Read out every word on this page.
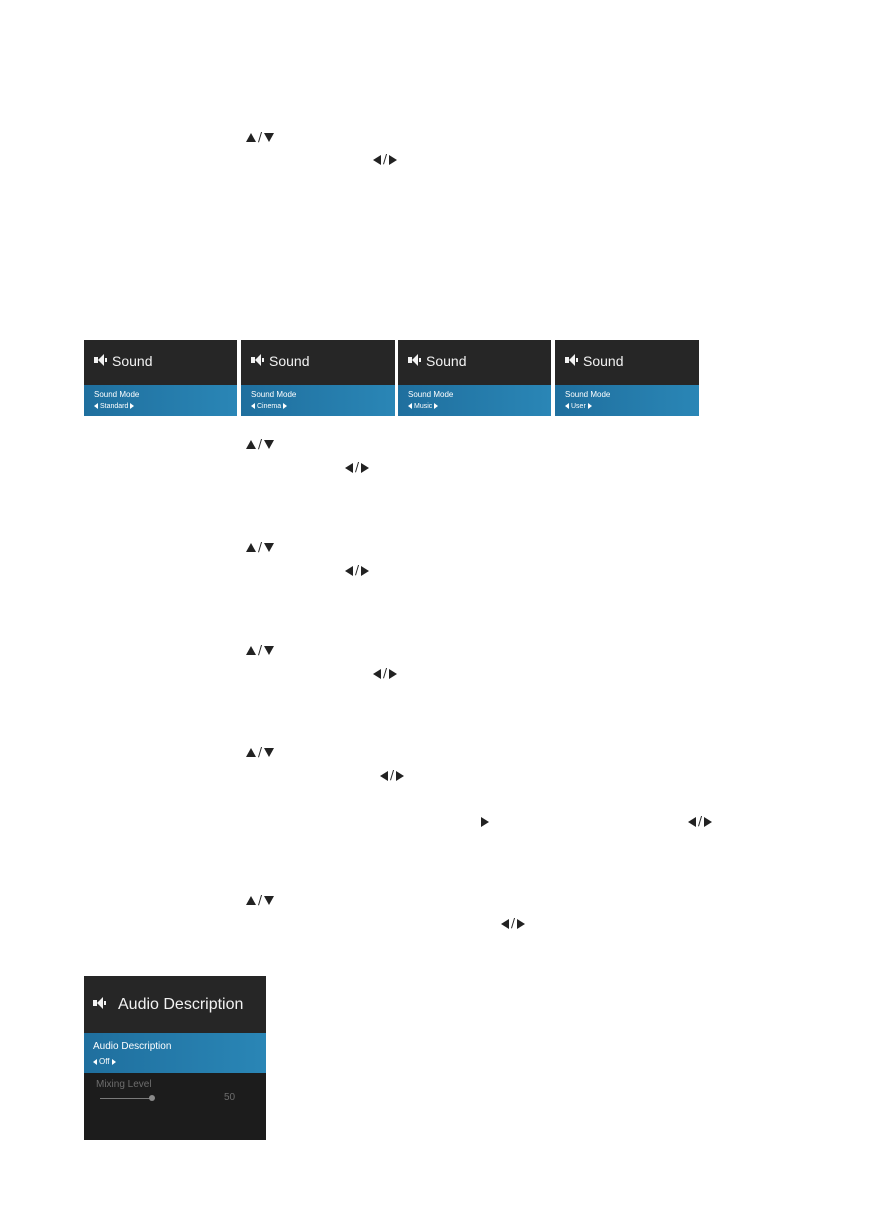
/
/
Sound
Sound Mode
Standard
Sound
Sound Mode
Cinema
Sound
Sound Mode
Music
Sound
Sound Mode
User
/
/
/
/
/
/
/
/
/
/
/
Audio Description
Audio Description
Off
Mixing Level
50
